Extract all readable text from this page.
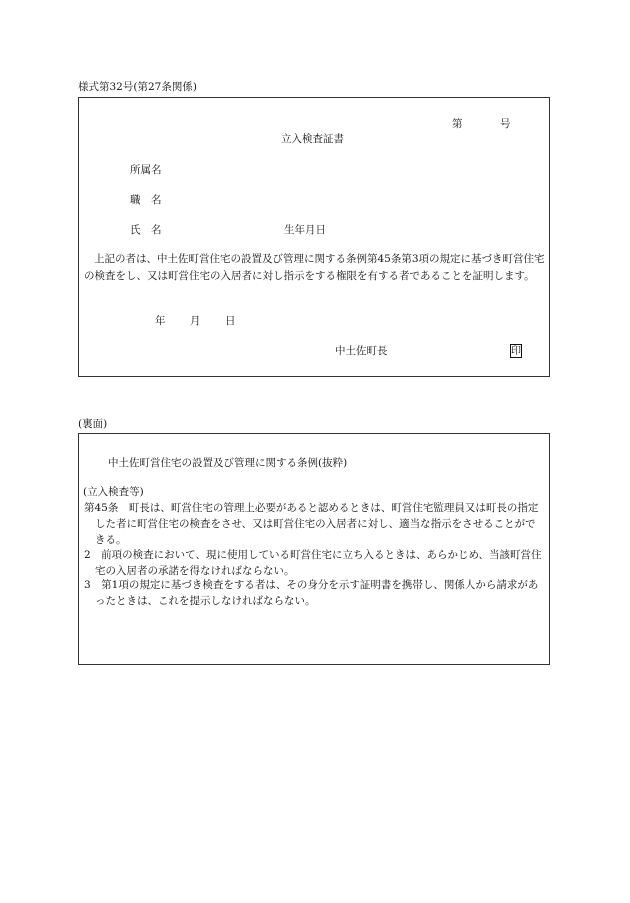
様式第32号(第27条関係)
第	号
立入検査証書
所属名
職　名
氏　名	生年月日
上記の者は、中土佐町営住宅の設置及び管理に関する条例第45条第3項の規定に基づき町営住宅の検査をし、又は町営住宅の入居者に対し指示をする権限を有する者であることを証明します。
年 月 日
中土佐町長	印
(裏面)
中土佐町営住宅の設置及び管理に関する条例(抜粋)
(立入検査等)
第45条　町長は、町営住宅の管理上必要があると認めるときは、町営住宅監理員又は町長の指定した者に町営住宅の検査をさせ、又は町営住宅の入居者に対し、適当な指示をさせることができる。
2　前項の検査において、現に使用している町営住宅に立ち入るときは、あらかじめ、当該町営住宅の入居者の承諾を得なければならない。
3　第1項の規定に基づき検査をする者は、その身分を示す証明書を携帯し、関係人から請求があったときは、これを提示しなければならない。
